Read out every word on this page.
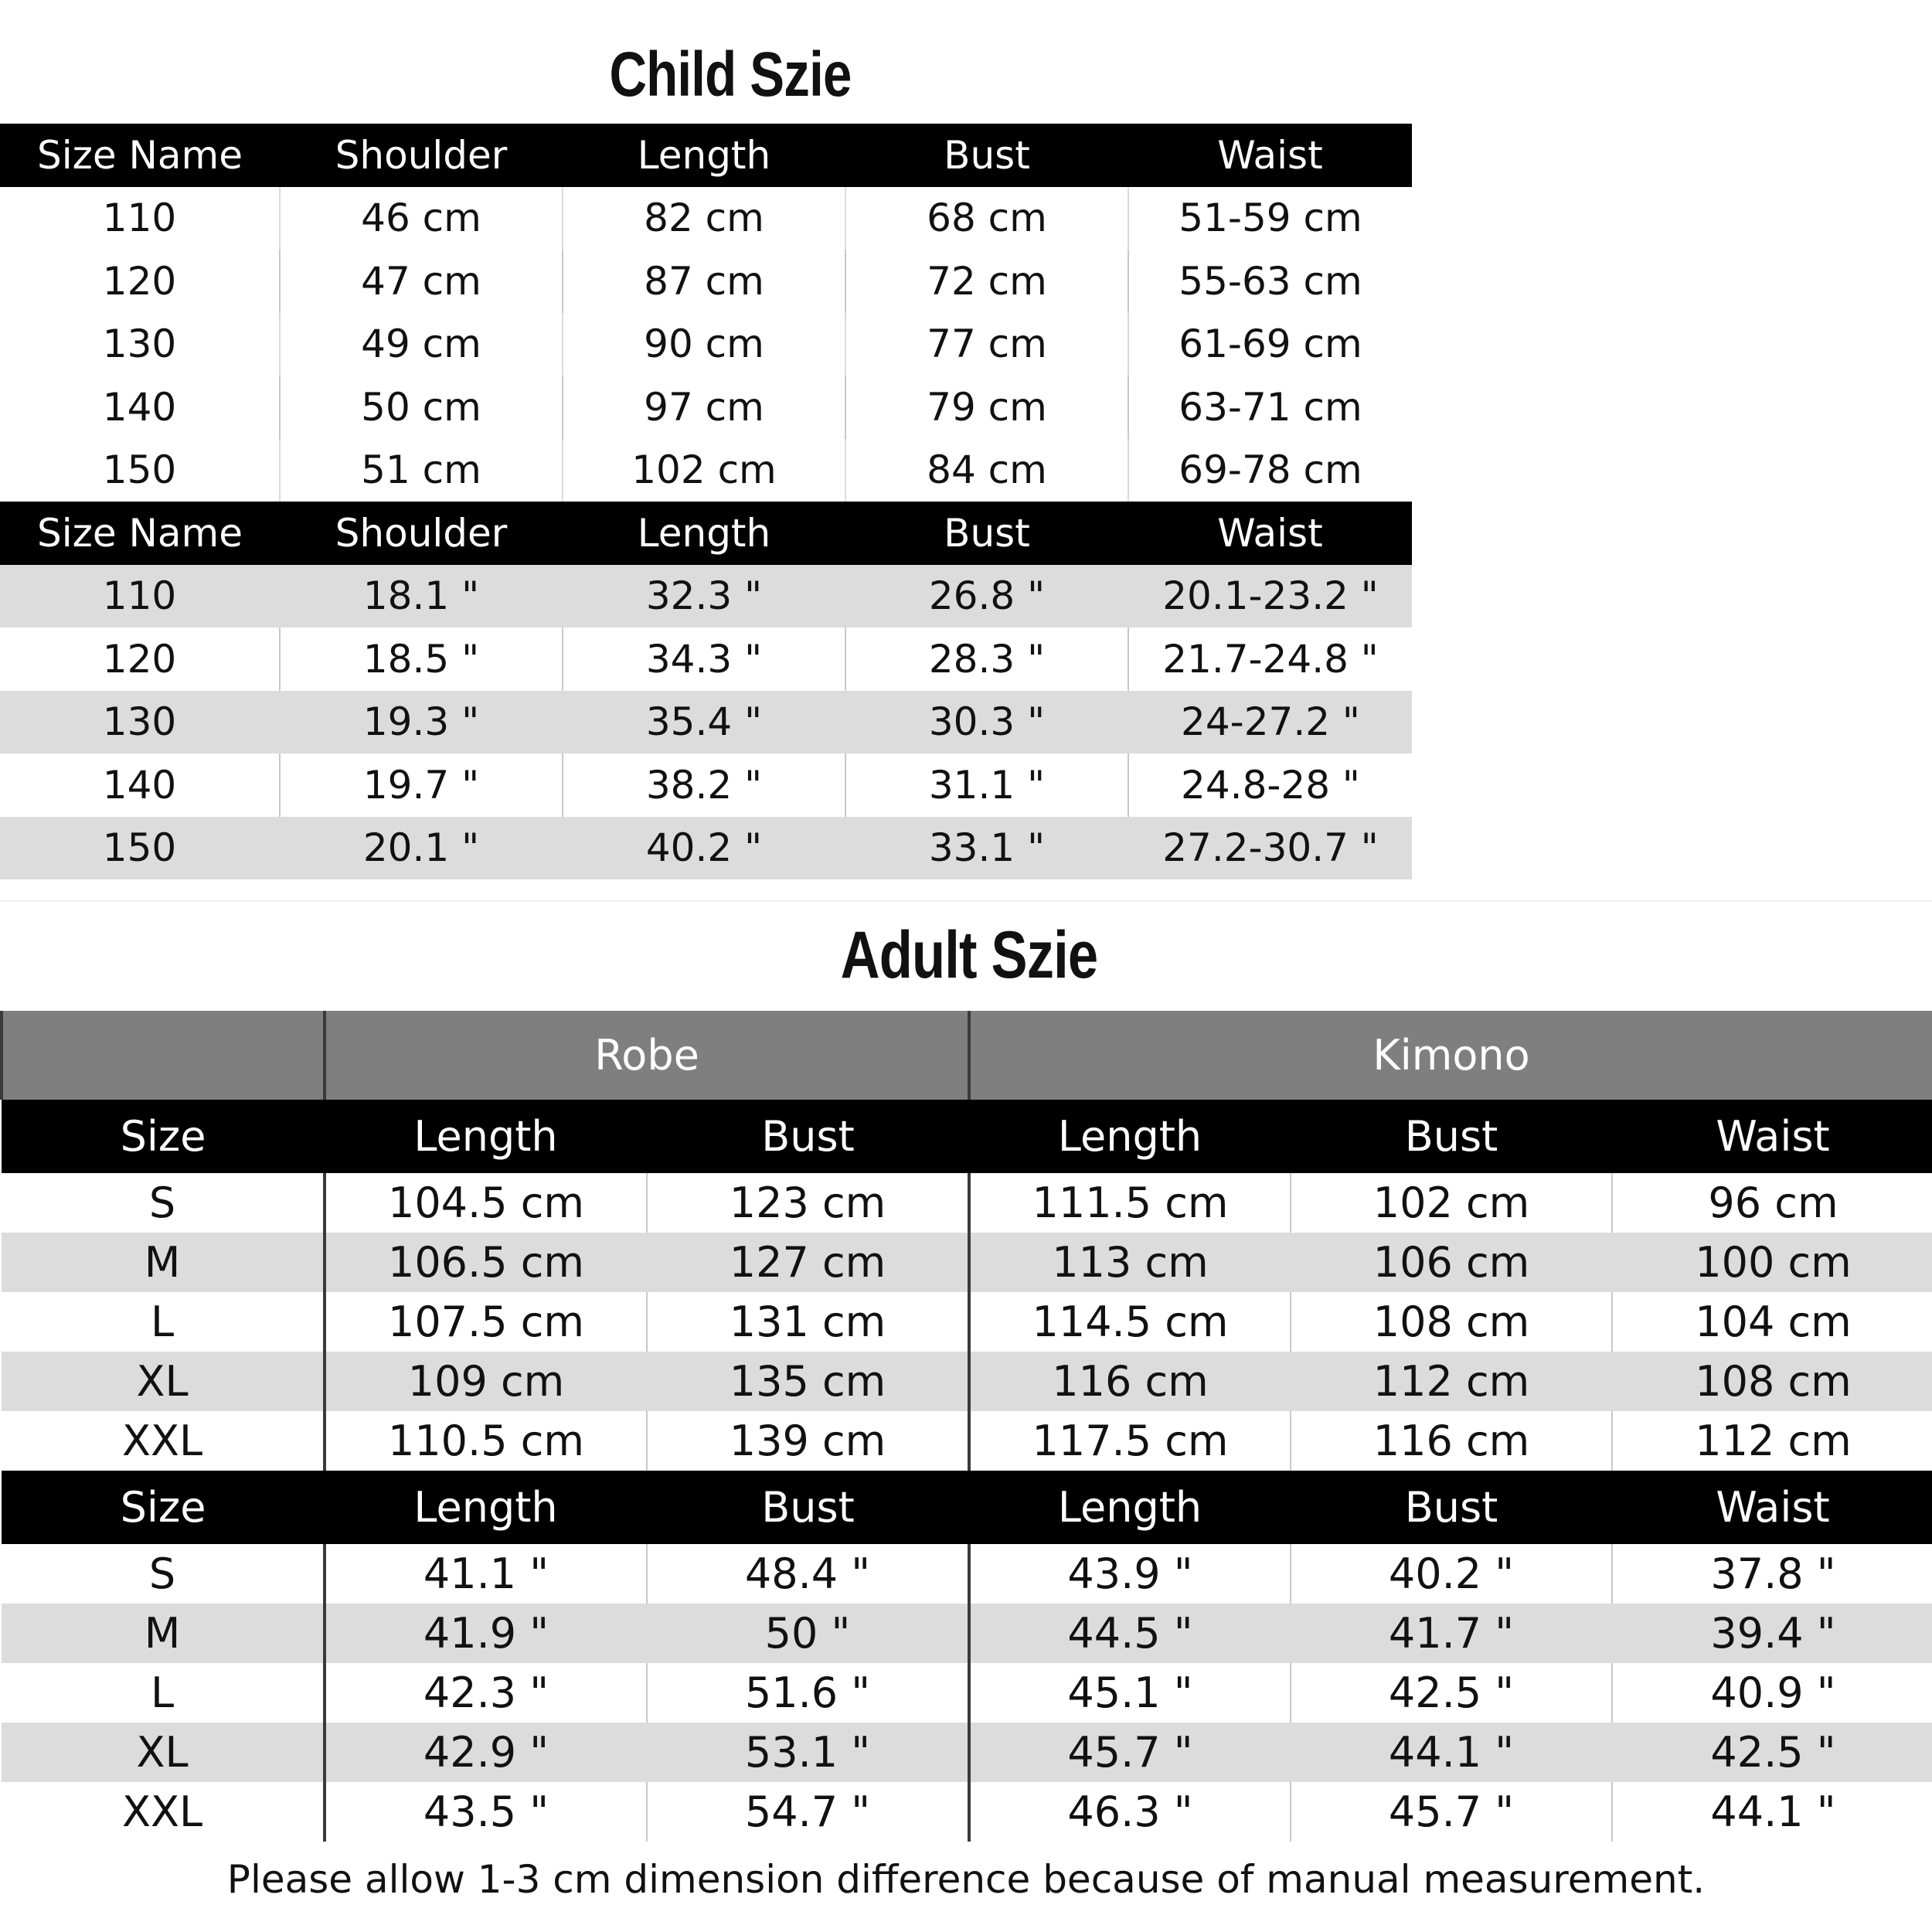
Child Szie
Size Name	Shoulder	Length	Bust	Waist
110	46 cm	82 cm	68 cm	51-59 cm
120	47 cm	87 cm	72 cm	55-63 cm
130	49 cm	90 cm	77 cm	61-69 cm
140	50 cm	97 cm	79 cm	63-71 cm
150	51 cm	102 cm	84 cm	69-78 cm
Size Name	Shoulder	Length	Bust	Waist
110	18.1 "	32.3 "	26.8 "	20.1-23.2 "
120	18.5 "	34.3 "	28.3 "	21.7-24.8 "
130	19.3 "	35.4 "	30.3 "	24-27.2 "
140	19.7 "	38.2 "	31.1 "	24.8-28 "
150	20.1 "	40.2 "	33.1 "	27.2-30.7 "
Adult Szie
	Robe		Kimono		
Size	Length	Bust	Length	Bust	Waist
S	104.5 cm	123 cm	111.5 cm	102 cm	96 cm
M	106.5 cm	127 cm	113 cm	106 cm	100 cm
L	107.5 cm	131 cm	114.5 cm	108 cm	104 cm
XL	109 cm	135 cm	116 cm	112 cm	108 cm
XXL	110.5 cm	139 cm	117.5 cm	116 cm	112 cm
Size	Length	Bust	Length	Bust	Waist
S	41.1 "	48.4 "	43.9 "	40.2 "	37.8 "
M	41.9 "	50 "	44.5 "	41.7 "	39.4 "
L	42.3 "	51.6 "	45.1 "	42.5 "	40.9 "
XL	42.9 "	53.1 "	45.7 "	44.1 "	42.5 "
XXL	43.5 "	54.7 "	46.3 "	45.7 "	44.1 "
Please allow 1-3 cm dimension difference because of manual measurement.
